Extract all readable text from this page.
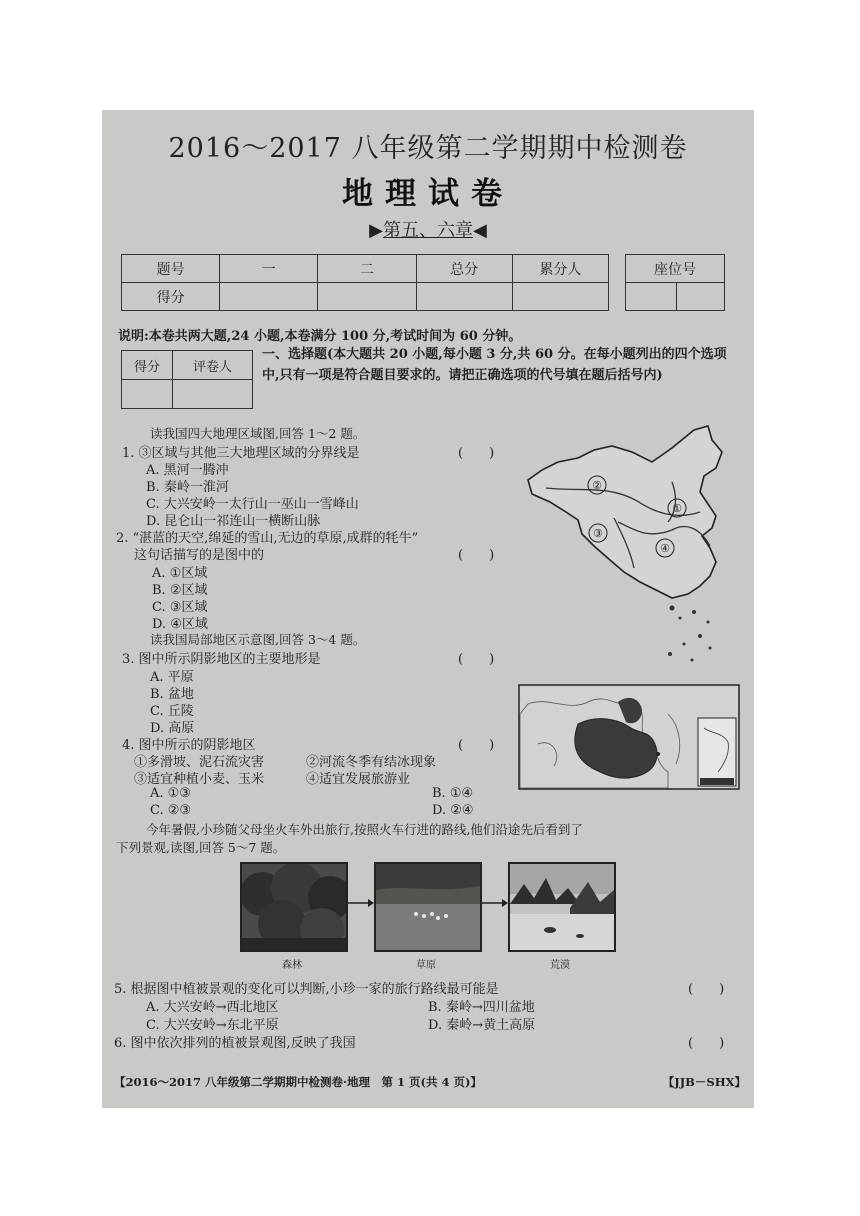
2016～2017 八年级第二学期期中检测卷
地理试卷
▶第五、六章◀
题号	一	二	总分	累分人
得分				
座位号

说明:本卷共两大题,24 小题,本卷满分 100 分,考试时间为 60 分钟。
得分	评卷人

一、选择题(本大题共 20 小题,每小题 3 分,共 60 分。在每小题列出的四个选项中,只有一项是符合题目要求的。请把正确选项的代号填在题后括号内)
读我国四大地理区域图,回答 1～2 题。
1. ③区域与其他三大地理区域的分界线是	(　　)
A. 黑河一腾冲
B. 秦岭一淮河
C. 大兴安岭一太行山一巫山一雪峰山
D. 昆仑山一祁连山一横断山脉
2. “湛蓝的天空,绵延的雪山,无边的草原,成群的牦牛”
这句话描写的是图中的	(　　)
A. ①区域
B. ②区域
C. ③区域
D. ④区域
①
②
③
④
读我国局部地区示意图,回答 3～4 题。
3. 图中所示阴影地区的主要地形是	(　　)
A. 平原
B. 盆地
C. 丘陵
D. 高原
4. 图中所示的阴影地区	(　　)
①多滑坡、泥石流灾害	②河流冬季有结冰现象
③适宜种植小麦、玉米	④适宜发展旅游业
A. ①③	B. ①④
C. ②③	D. ②④
今年暑假,小珍随父母坐火车外出旅行,按照火车行进的路线,他们沿途先后看到了
下列景观,读图,回答 5～7 题。
森林	草原	荒漠
5. 根据图中植被景观的变化可以判断,小珍一家的旅行路线最可能是	(　　)
A. 大兴安岭→西北地区	B. 秦岭→四川盆地
C. 大兴安岭→东北平原	D. 秦岭→黄土高原
6. 图中依次排列的植被景观图,反映了我国	(　　)
【2016～2017 八年级第二学期期中检测卷·地理　第 1 页(共 4 页)】	【JJB－SHX】
